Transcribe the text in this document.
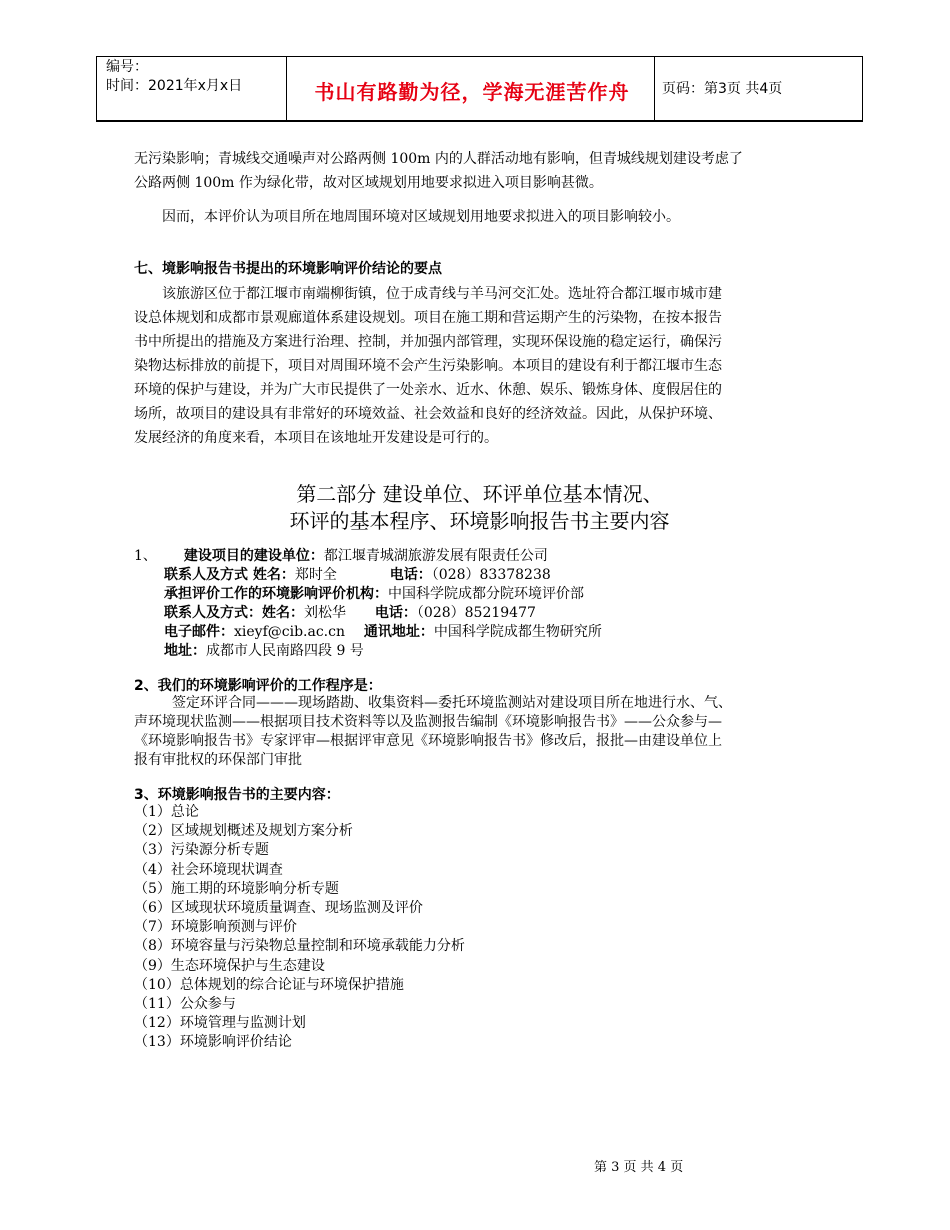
编号：
时间：2021年x月x日	书山有路勤为径，学海无涯苦作舟	页码：第3页 共4页
无污染影响；青城线交通噪声对公路两侧 100m 内的人群活动地有影响，但青城线规划建设考虑了
公路两侧 100m 作为绿化带，故对区域规划用地要求拟进入项目影响甚微。
因而，本评价认为项目所在地周围环境对区域规划用地要求拟进入的项目影响较小。
七、境影响报告书提出的环境影响评价结论的要点
该旅游区位于都江堰市南端柳街镇，位于成青线与羊马河交汇处。选址符合都江堰市城市建
设总体规划和成都市景观廊道体系建设规划。项目在施工期和营运期产生的污染物，在按本报告
书中所提出的措施及方案进行治理、控制，并加强内部管理，实现环保设施的稳定运行，确保污
染物达标排放的前提下，项目对周围环境不会产生污染影响。本项目的建设有利于都江堰市生态
环境的保护与建设，并为广大市民提供了一处亲水、近水、休憩、娱乐、锻炼身体、度假居住的
场所，故项目的建设具有非常好的环境效益、社会效益和良好的经济效益。因此，从保护环境、
发展经济的角度来看，本项目在该地址开发建设是可行的。
第二部分 建设单位、环评单位基本情况、
环评的基本程序、环境影响报告书主要内容
1、 建设项目的建设单位：都江堰青城湖旅游发展有限责任公司
联系人及方式 姓名：郑时全	电话：（028）83378238
承担评价工作的环境影响评价机构：中国科学院成都分院环境评价部
联系人及方式：姓名：刘松华 电话：（028）85219477
电子邮件：xieyf@cib.ac.cn 通讯地址：中国科学院成都生物研究所
地址：成都市人民南路四段 9 号
2、我们的环境影响评价的工作程序是：
签定环评合同———现场踏勘、收集资料—委托环境监测站对建设项目所在地进行水、气、
声环境现状监测——根据项目技术资料等以及监测报告编制《环境影响报告书》——公众参与—
《环境影响报告书》专家评审—根据评审意见《环境影响报告书》修改后，报批—由建设单位上
报有审批权的环保部门审批
3、环境影响报告书的主要内容：
（1）总论
（2）区域规划概述及规划方案分析
（3）污染源分析专题
（4）社会环境现状调查
（5）施工期的环境影响分析专题
（6）区域现状环境质量调查、现场监测及评价
（7）环境影响预测与评价
（8）环境容量与污染物总量控制和环境承载能力分析
（9）生态环境保护与生态建设
（10）总体规划的综合论证与环境保护措施
（11）公众参与
（12）环境管理与监测计划
（13）环境影响评价结论
第 3 页 共 4 页
